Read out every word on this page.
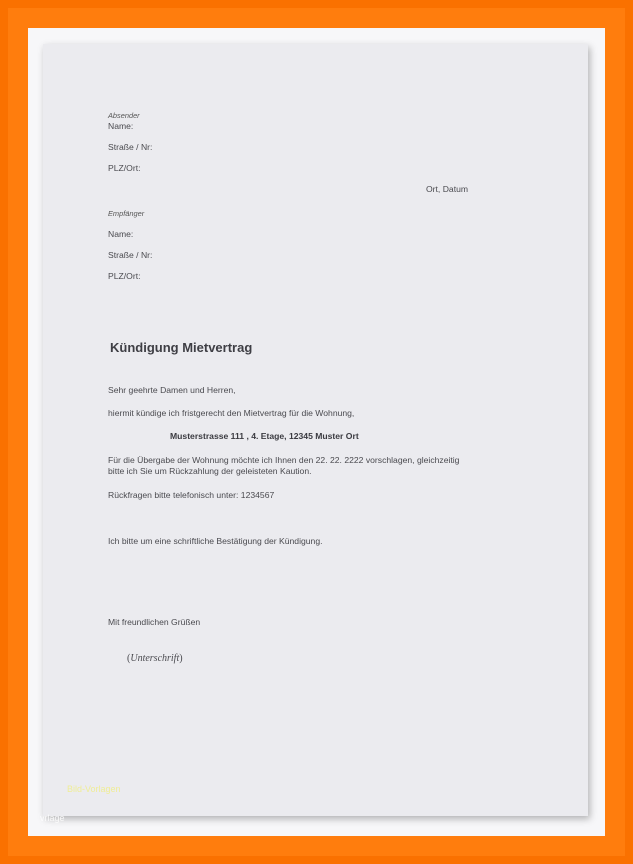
Absender
Name:
Straße / Nr:
PLZ/Ort:
Ort, Datum
Empfänger
Name:
Straße / Nr:
PLZ/Ort:
Kündigung Mietvertrag
Sehr geehrte Damen und Herren,
hiermit kündige ich fristgerecht den Mietvertrag für die Wohnung,
Musterstrasse 111 , 4. Etage, 12345 Muster Ort
Für die Übergabe der Wohnung möchte ich Ihnen den 22. 22. 2222 vorschlagen, gleichzeitig
bitte ich Sie um Rückzahlung der geleisteten Kaution.
Rückfragen bitte telefonisch unter: 1234567
Ich bitte um eine schriftliche Bestätigung der Kündigung.
Mit freundlichen Grüßen
(Unterschrift)
Bild-Vorlagen
vrlage
